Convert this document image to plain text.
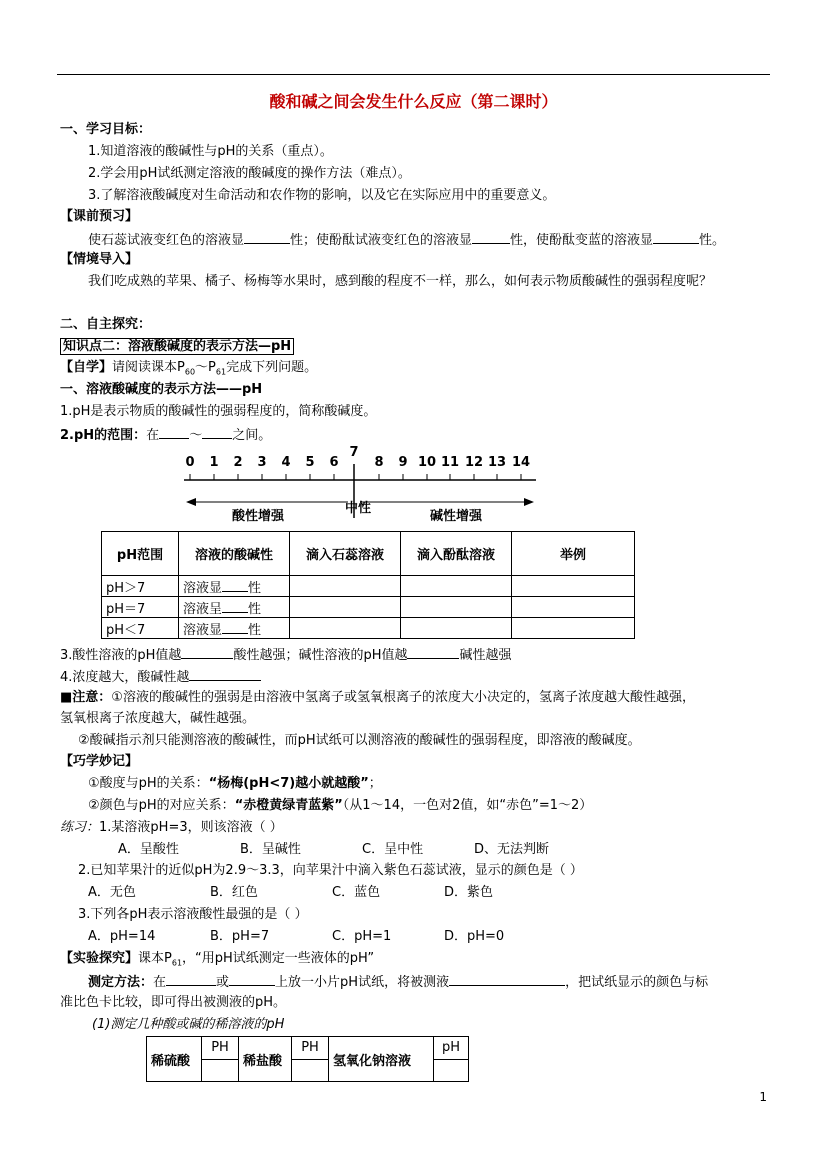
酸和碱之间会发生什么反应（第二课时）
一、学习目标：
1.知道溶液的酸碱性与pH的关系（重点）。
2.学会用pH试纸测定溶液的酸碱度的操作方法（难点）。
3.了解溶液酸碱度对生命活动和农作物的影响，以及它在实际应用中的重要意义。
【课前预习】
使石蕊试液变红色的溶液显	性；使酚酞试液变红色的溶液显	性，使酚酞变蓝的溶液显	性。
【情境导入】
我们吃成熟的苹果、橘子、杨梅等水果时，感到酸的程度不一样，那么，如何表示物质酸碱性的强弱程度呢？
二、自主探究：
知识点二：溶液酸碱度的表示方法—pH
【自学】请阅读课本$P_{60}\sim P_{61}$完成下列问题。
一、溶液酸碱度的表示方法——pH
1.pH是表示物质的酸碱性的强弱程度的，简称酸碱度。
2.pH的范围：在 ～ 之间。
0 1 2 3 4 5 6
7
8 9 10 11 12 13 14
酸性增强
中性
碱性增强
pH范围	溶液的酸碱性	滴入石蕊溶液	滴入酚酞溶液	举例
pH＞7	溶液显 性			
pH＝7	溶液呈 性			
pH＜7	溶液显 性			
3.酸性溶液的pH值越	酸性越强；碱性溶液的pH值越	碱性越强
4.浓度越大，酸碱性越
■注意：①溶液的酸碱性的强弱是由溶液中氢离子或氢氧根离子的浓度大小决定的，氢离子浓度越大酸性越强，
氢氧根离子浓度越大，碱性越强。
②酸碱指示剂只能测溶液的酸碱性，而pH试纸可以测溶液的酸碱性的强弱程度，即溶液的酸碱度。
【巧学妙记】
①酸度与pH的关系：“杨梅(pH<7)越小就越酸”；
②颜色与pH的对应关系：“赤橙黄绿青蓝紫”（从1～14，一色对2值，如“赤色”=1～2）
练习：1.某溶液pH=3，则该溶液（ ）
A．呈酸性	B．呈碱性	C．呈中性	D、无法判断
2.已知苹果汁的近似pH为2.9～3.3，向苹果汁中滴入紫色石蕊试液，显示的颜色是（ ）
A．无色	B．红色	C．蓝色	D．紫色
3.下列各pH表示溶液酸性最强的是（ ）
A．pH=14	B．pH=7	C．pH=1	D．pH=0
【实验探究】课本$P_{61}$，“用pH试纸测定一些液体的pH”
测定方法：在	或	上放一小片pH试纸，将被测液	，把试纸显示的颜色与标
准比色卡比较，即可得出被测液的pH。
(1)测定几种酸或碱的稀溶液的pH
稀硫酸	PH	稀盐酸	PH	氢氧化钠溶液	pH

1
